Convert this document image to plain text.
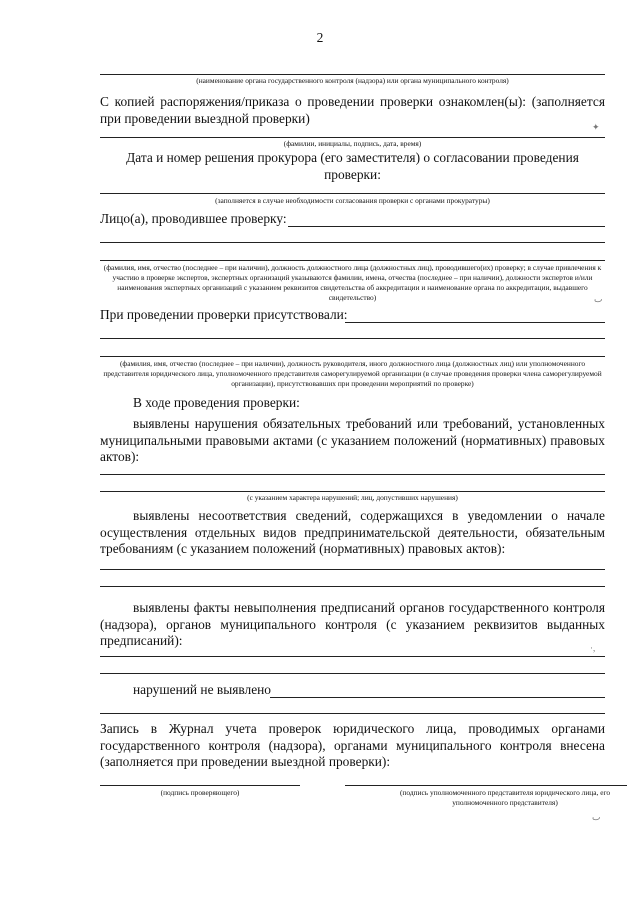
2
(наименование органа государственного контроля (надзора) или органа муниципального контроля)
С копией распоряжения/приказа о проведении проверки ознакомлен(ы): (заполняется при проведении выездной проверки)
✦
(фамилии, инициалы, подпись, дата, время)
Дата и номер решения прокурора (его заместителя) о согласовании проведения проверки:
(заполняется в случае необходимости согласования проверки с органами прокуратуры)
Лицо(а), проводившее проверку:
(фамилия, имя, отчество (последнее – при наличии), должность должностного лица (должностных лиц), проводившего(их) проверку; в случае привлечения к участию в проверке экспертов, экспертных организаций указываются фамилии, имена, отчества (последнее – при наличии), должности экспертов и/или наименования экспертных организаций с указанием реквизитов свидетельства об аккредитации и наименование органа по аккредитации, выдавшего свидетельство)	ٮ
При проведении проверки присутствовали:
(фамилия, имя, отчество (последнее – при наличии), должность руководителя, иного должностного лица (должностных лиц) или уполномоченного представителя юридического лица, уполномоченного представителя саморегулируемой организации (в случае проведения проверки члена саморегулируемой организации), присутствовавших при проведении мероприятий по проверке)
В ходе проведения проверки:
выявлены нарушения обязательных требований или требований, установленных муниципальными правовыми актами (с указанием положений (нормативных) правовых актов):
(с указанием характера нарушений; лиц, допустивших нарушения)
выявлены несоответствия сведений, содержащихся в уведомлении о начале осуществления отдельных видов предпринимательской деятельности, обязательным требованиям (с указанием положений (нормативных) правовых актов):
выявлены факты невыполнения предписаний органов государственного контроля (надзора), органов муниципального контроля (с указанием реквизитов выданных предписаний):	·,
нарушений не выявлено
Запись в Журнал учета проверок юридического лица, проводимых органами государственного контроля (надзора), органами муниципального контроля внесена (заполняется при проведении выездной проверки):
(подпись проверяющего)	(подпись уполномоченного представителя юридического лица, его уполномоченного представителя)
ٮ
